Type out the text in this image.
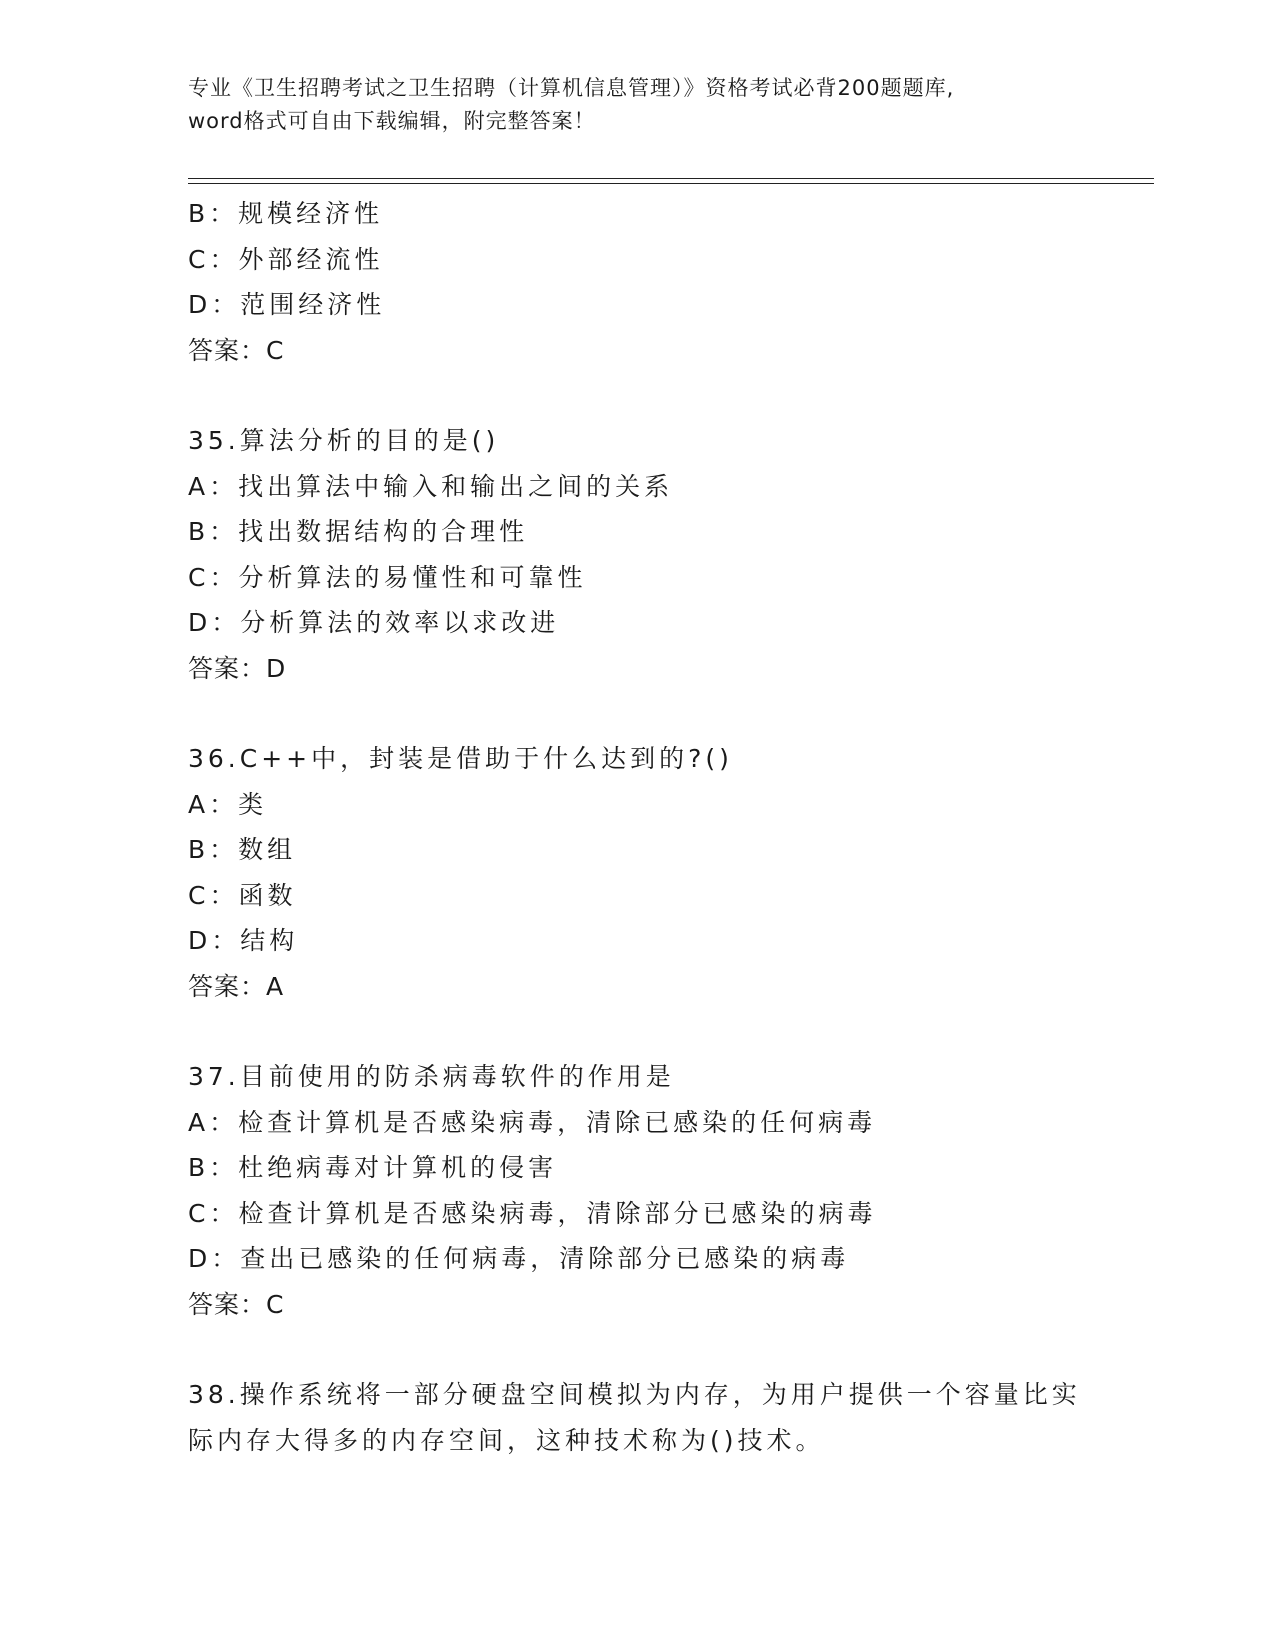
专业《卫生招聘考试之卫生招聘（计算机信息管理）》资格考试必背200题题库,
word格式可自由下载编辑，附完整答案！
B：规模经济性
C：外部经流性
D：范围经济性
答案：C
35.算法分析的目的是()
A：找出算法中输入和输出之间的关系
B：找出数据结构的合理性
C：分析算法的易懂性和可靠性
D：分析算法的效率以求改进
答案：D
36.C++中，封装是借助于什么达到的?()
A：类
B：数组
C：函数
D：结构
答案：A
37.目前使用的防杀病毒软件的作用是
A：检查计算机是否感染病毒，清除已感染的任何病毒
B：杜绝病毒对计算机的侵害
C：检查计算机是否感染病毒，清除部分已感染的病毒
D：查出已感染的任何病毒，清除部分已感染的病毒
答案：C
38.操作系统将一部分硬盘空间模拟为内存，为用户提供一个容量比实
际内存大得多的内存空间，这种技术称为()技术。
